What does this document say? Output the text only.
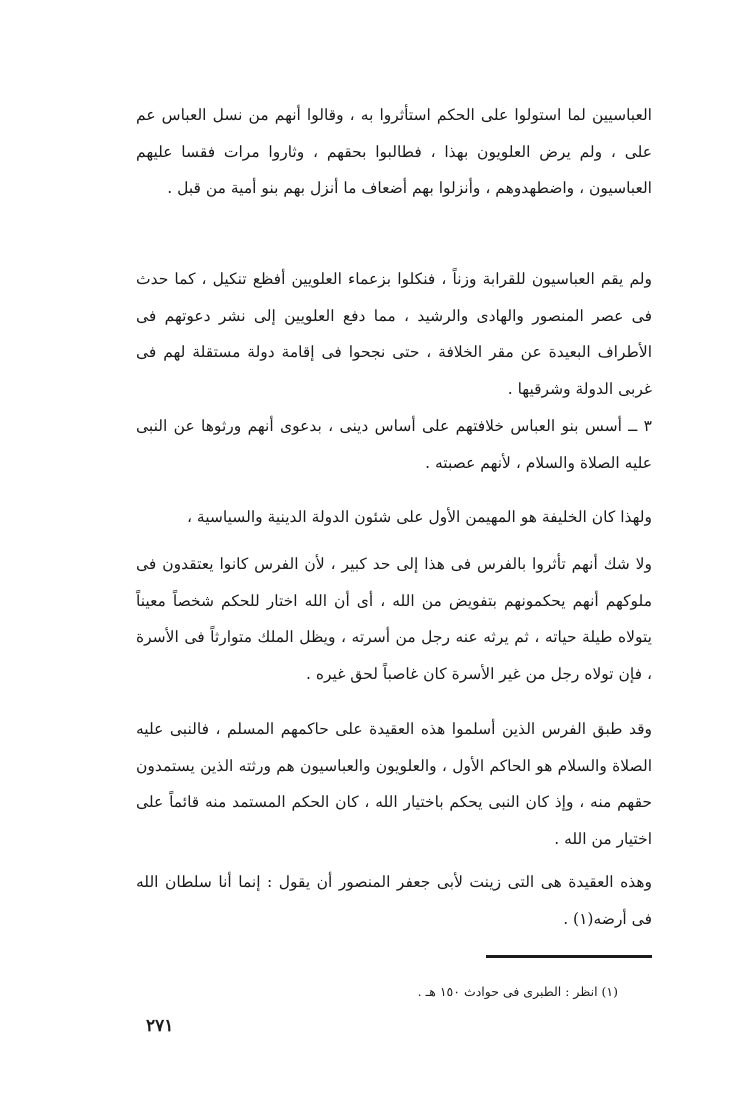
العباسيين لما استولوا على الحكم استأثروا به ، وقالوا أنهم من نسل العباس عم على ، ولم يرض العلويون بهذا ، فطالبوا بحقهم ، وثاروا مرات فقسا عليهم العباسيون ، واضطهدوهم ، وأنزلوا بهم أضعاف ما أنزل بهم بنو أمية من قبل .

ولم يقم العباسيون للقرابة وزناً ، فنكلوا بزعماء العلويين أفظع تنكيل ، كما حدث فى عصر المنصور والهادى والرشيد ، مما دفع العلويين إلى نشر دعوتهم فى الأطراف البعيدة عن مقر الخلافة ، حتى نجحوا فى إقامة دولة مستقلة لهم فى غربى الدولة وشرقيها .

٣ ــ أسس بنو العباس خلافتهم على أساس دينى ، بدعوى أنهم ورثوها عن النبى عليه الصلاة والسلام ، لأنهم عصبته .

ولهذا كان الخليفة هو المهيمن الأول على شئون الدولة الدينية والسياسية ،

ولا شك أنهم تأثروا بالفرس فى هذا إلى حد كبير ، لأن الفرس كانوا يعتقدون فى ملوكهم أنهم يحكمونهم بتفويض من الله ، أى أن الله اختار للحكم شخصاً معيناً يتولاه طيلة حياته ، ثم يرثه عنه رجل من أسرته ، ويظل الملك متوارثاً فى الأسرة ، فإن تولاه رجل من غير الأسرة كان غاصباً لحق غيره .

وقد طبق الفرس الذين أسلموا هذه العقيدة على حاكمهم المسلم ، فالنبى عليه الصلاة والسلام هو الحاكم الأول ، والعلويون والعباسيون هم ورثته الذين يستمدون حقهم منه ، وإذ كان النبى يحكم باختيار الله ، كان الحكم المستمد منه قائماً على اختيار من الله .

وهذه العقيدة هى التى زينت لأبى جعفر المنصور أن يقول : إنما أنا سلطان الله فى أرضه(١) .

(١) انظر : الطبرى فى حوادث ١٥٠ هـ .
٢٧١
